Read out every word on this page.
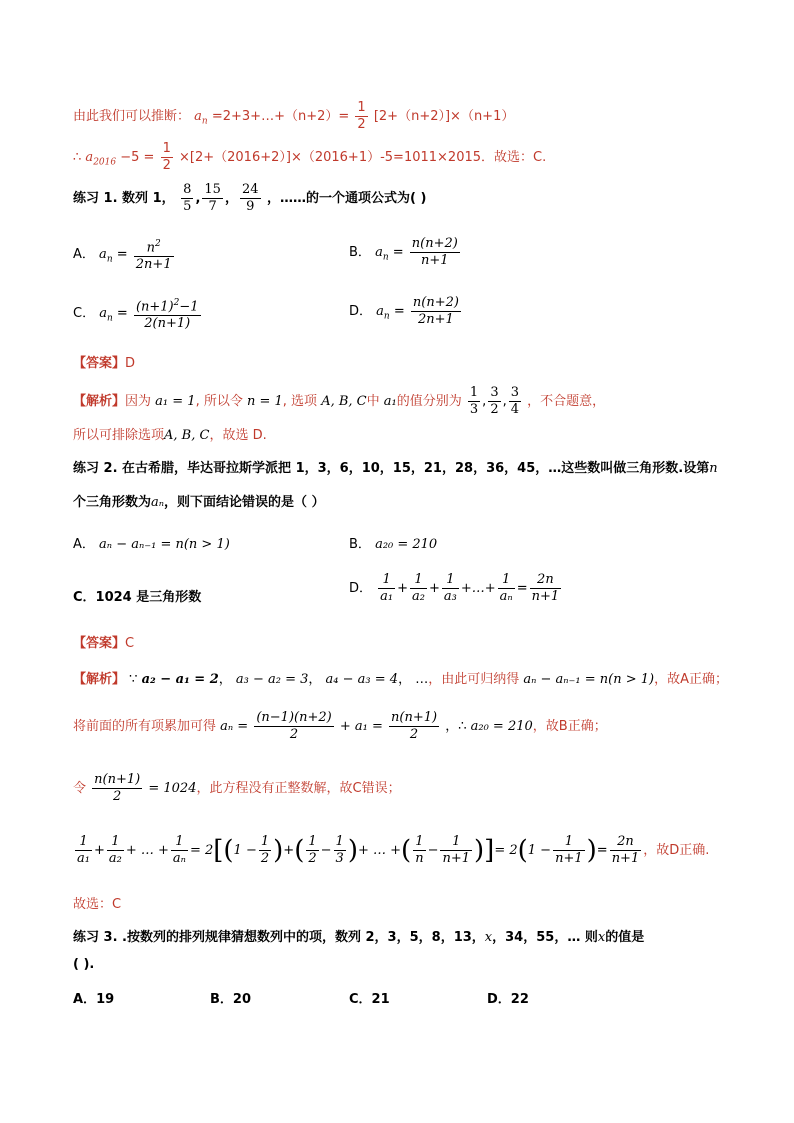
由此我们可以推断： $a_n$ =2+3+…+（n+2）= $\frac{1}{2} [2+(n+2)]\times(n+1)$
∴ $a_{2016} -5 = \frac{1}{2} \times[2+(2016+2)]\times(2016+1)-5=1011\times 2015$．故选：C.
练习 1. 数列 1， $\frac{8}{5}$ , $\frac{15}{7}$ ， $\frac{24}{9}$ ，……的一个通项公式为( )
A． $a_n = \frac{n^2}{2n+1}$	B． $a_n = \frac{n(n+2)}{n+1}$
C． $a_n = \frac{(n+1)^2-1}{2(n+1)}$	D． $a_n = \frac{n(n+2)}{2n+1}$
【答案】D
【解析】因为 a₁ = 1, 所以令 n = 1, 选项 A, B, C中 a₁的值分别为 $\frac{1}{3}$ , $\frac{3}{2}$ , $\frac{3}{4}$ ，不合题意，
所以可排除选项A, B, C，故选 D.
练习 2. 在古希腊，毕达哥拉斯学派把 1，3，6，10，15，21，28，36，45，…这些数叫做三角形数.设第n
个三角形数为aₙ，则下面结论错误的是（ ）
A． aₙ − aₙ₋₁ = n(n > 1)	B． a₂₀ = 210
C．1024 是三角形数
D． $\frac{1}{\text{a₁}} + \frac{1}{\text{a₂}} + \frac{1}{\text{a₃}}$ +…+ $\frac{1}{\text{aₙ}} = \frac{2n}{n+1}$
【答案】C
【解析】 ∵ a₂ − a₁ = 2， a₃ − a₂ = 3， a₄ − a₃ = 4， …，由此可归纳得 aₙ − aₙ₋₁ = n(n > 1)，故A正确；
将前面的所有项累加可得 $a_n = \frac{(n-1)(n+2)}{2} + a_1 = \frac{n(n+1)}{2}$ ，∴ a₂₀ = 210，故B正确；
令 $\frac{n(n+1)}{2} = 1024$，此方程没有正整数解，故C错误；
$\frac{1}{\text{a₁}} + \frac{1}{\text{a₂}}$ + … + $\frac{1}{\text{aₙ}} = 2[(1 - \frac{1}{2}$ )+( $\frac{1}{2} - \frac{1}{3}$ )+ … +( $\frac{1}{n} - \frac{1}{n+1}$ )]= $2(1 - \frac{1}{n+1}$ )= $\frac{2n}{n+1}$ ，故D正确.
故选：C
练习 3. .按数列的排列规律猜想数列中的项，数列 2，3，5，8，13，x，34，55，… 则x的值是
( ).
A．19	B．20	C．21	D．22
